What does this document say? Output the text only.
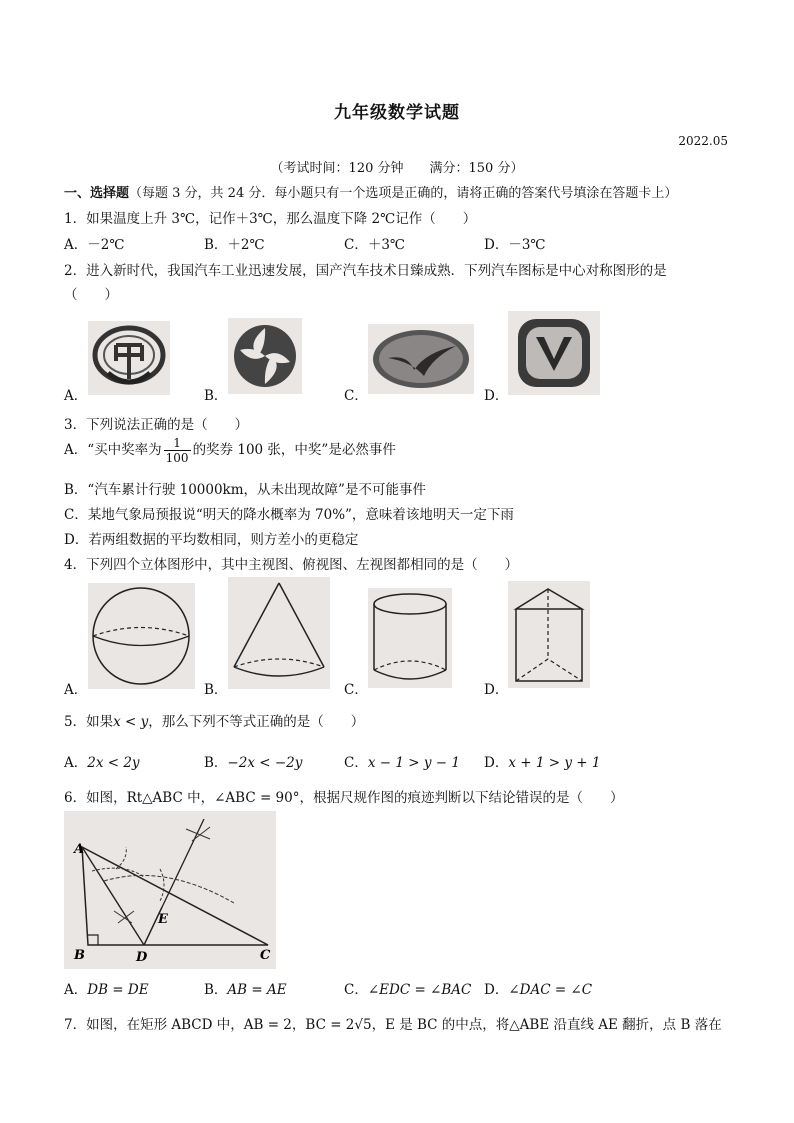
九年级数学试题
2022.05
（考试时间：120 分钟　　满分：150 分）
一、选择题（每题 3 分，共 24 分．每小题只有一个选项是正确的，请将正确的答案代号填涂在答题卡上）
1．如果温度上升 3℃，记作＋3℃，那么温度下降 2℃记作（　　）
A．－2℃	B．＋2℃	C．＋3℃	D．－3℃
2．进入新时代，我国汽车工业迅速发展，国产汽车技术日臻成熟．下列汽车图标是中心对称图形的是
（　　）
A．	B．	C．	D．
3．下列说法正确的是（　　）
A．“买中奖率为 $\frac{1}{100}$ 的奖券 100 张，中奖”是必然事件
B．“汽车累计行驶 10000km，从未出现故障”是不可能事件
C．某地气象局预报说“明天的降水概率为 70%”，意味着该地明天一定下雨
D．若两组数据的平均数相同，则方差小的更稳定
4．下列四个立体图形中，其中主视图、俯视图、左视图都相同的是（　　）
A．	B．	C．	D．
5．如果x < y，那么下列不等式正确的是（　　）
A．2x < 2y	B．−2x < −2y	C．x − 1 > y − 1 D．x + 1 > y + 1
6．如图，Rt△ABC 中，∠ABC = 90°，根据尺规作图的痕迹判断以下结论错误的是（　　）
A
B	C
D
E
A．DB = DE	B．AB = AE	C．∠EDC = ∠BAC D．∠DAC = ∠C
7．如图，在矩形 ABCD 中，AB = 2，BC = 2√5，E 是 BC 的中点，将△ABE 沿直线 AE 翻折，点 B 落在
